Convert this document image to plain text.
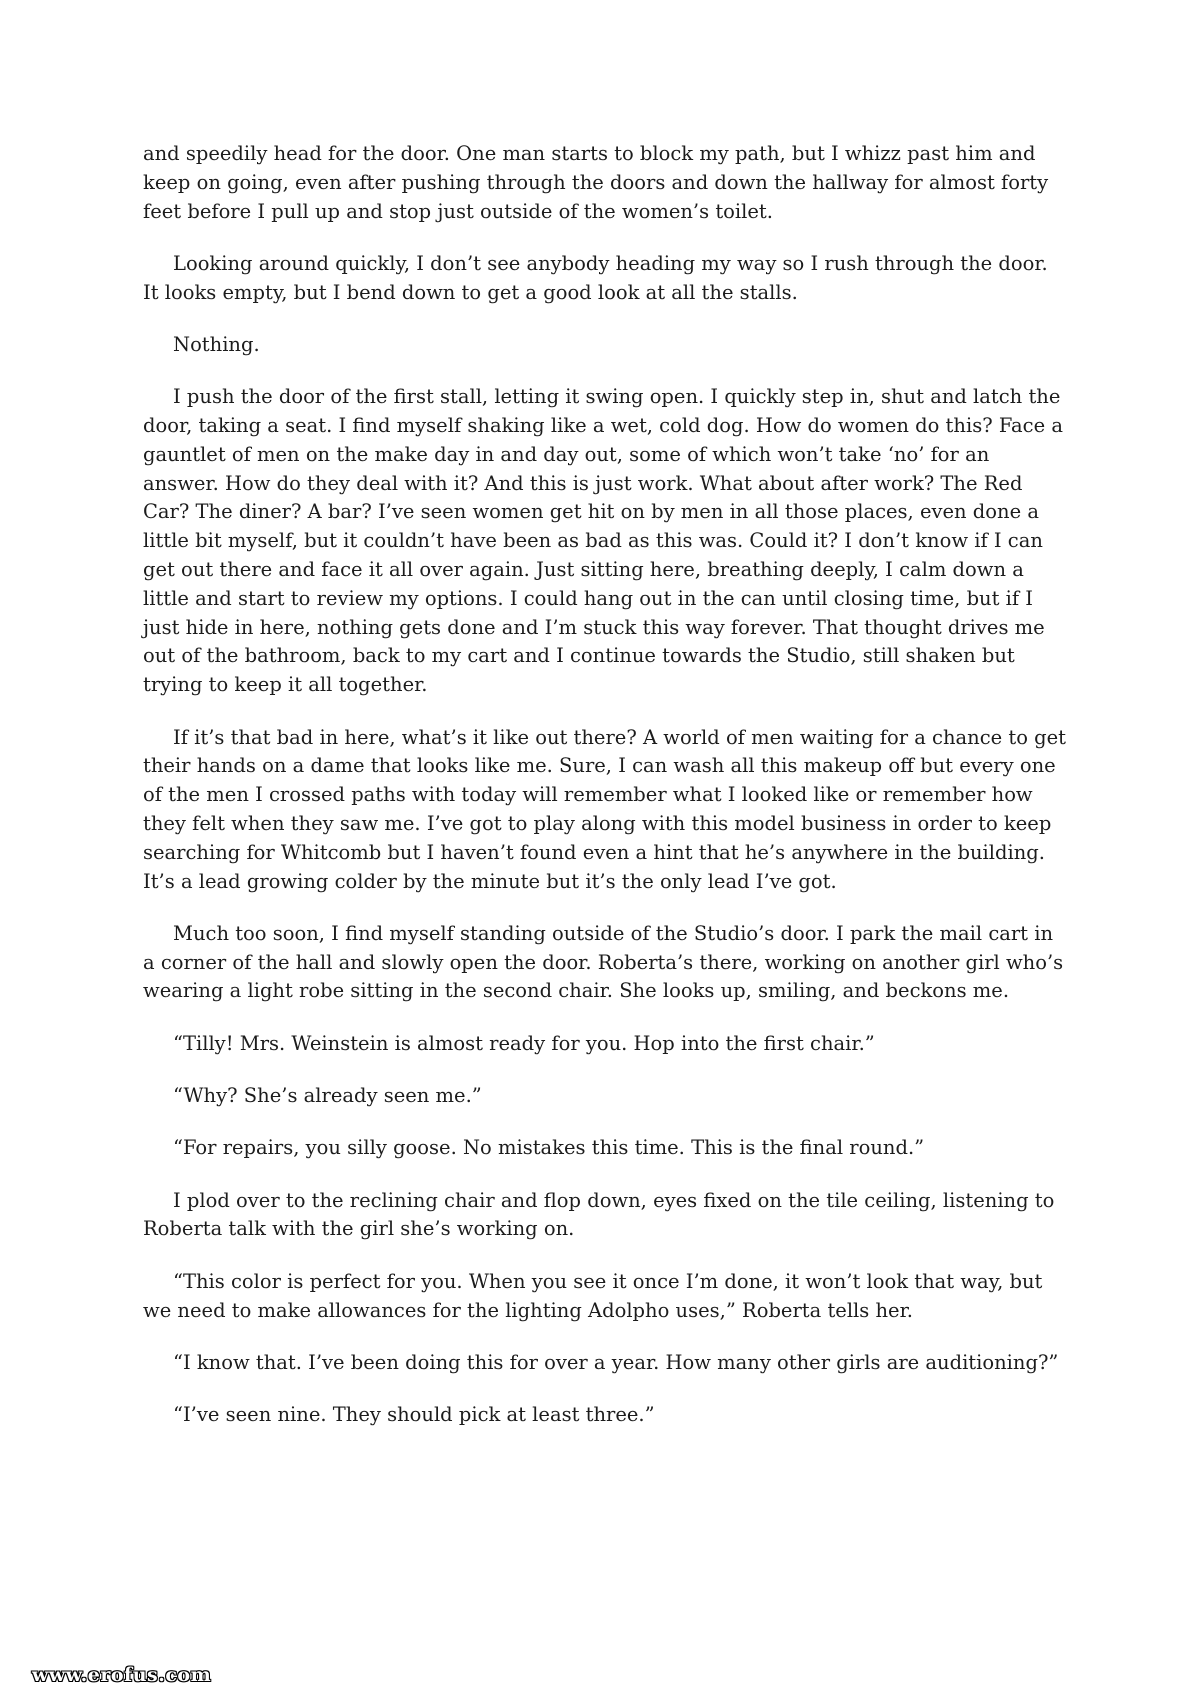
and speedily head for the door. One man starts to block my path, but I whizz past him and keep on going, even after pushing through the doors and down the hallway for almost forty feet before I pull up and stop just outside of the women’s toilet.

Looking around quickly, I don’t see anybody heading my way so I rush through the door. It looks empty, but I bend down to get a good look at all the stalls.

Nothing.

I push the door of the first stall, letting it swing open. I quickly step in, shut and latch the door, taking a seat. I find myself shaking like a wet, cold dog. How do women do this? Face a gauntlet of men on the make day in and day out, some of which won’t take ‘no’ for an answer. How do they deal with it? And this is just work. What about after work? The Red Car? The diner? A bar? I’ve seen women get hit on by men in all those places, even done a little bit myself, but it couldn’t have been as bad as this was. Could it? I don’t know if I can get out there and face it all over again. Just sitting here, breathing deeply, I calm down a little and start to review my options. I could hang out in the can until closing time, but if I just hide in here, nothing gets done and I’m stuck this way forever. That thought drives me out of the bathroom, back to my cart and I continue towards the Studio, still shaken but trying to keep it all together.

If it’s that bad in here, what’s it like out there? A world of men waiting for a chance to get their hands on a dame that looks like me. Sure, I can wash all this makeup off but every one of the men I crossed paths with today will remember what I looked like or remember how they felt when they saw me. I’ve got to play along with this model business in order to keep searching for Whitcomb but I haven’t found even a hint that he’s anywhere in the building. It’s a lead growing colder by the minute but it’s the only lead I’ve got.

Much too soon, I find myself standing outside of the Studio’s door. I park the mail cart in a corner of the hall and slowly open the door. Roberta’s there, working on another girl who’s wearing a light robe sitting in the second chair. She looks up, smiling, and beckons me.

“Tilly! Mrs. Weinstein is almost ready for you. Hop into the first chair.”

“Why? She’s already seen me.”

“For repairs, you silly goose. No mistakes this time. This is the final round.”

I plod over to the reclining chair and flop down, eyes fixed on the tile ceiling, listening to Roberta talk with the girl she’s working on.

“This color is perfect for you. When you see it once I’m done, it won’t look that way, but we need to make allowances for the lighting Adolpho uses,” Roberta tells her.

“I know that. I’ve been doing this for over a year. How many other girls are auditioning?”

“I’ve seen nine. They should pick at least three.”

www.erofus.com
